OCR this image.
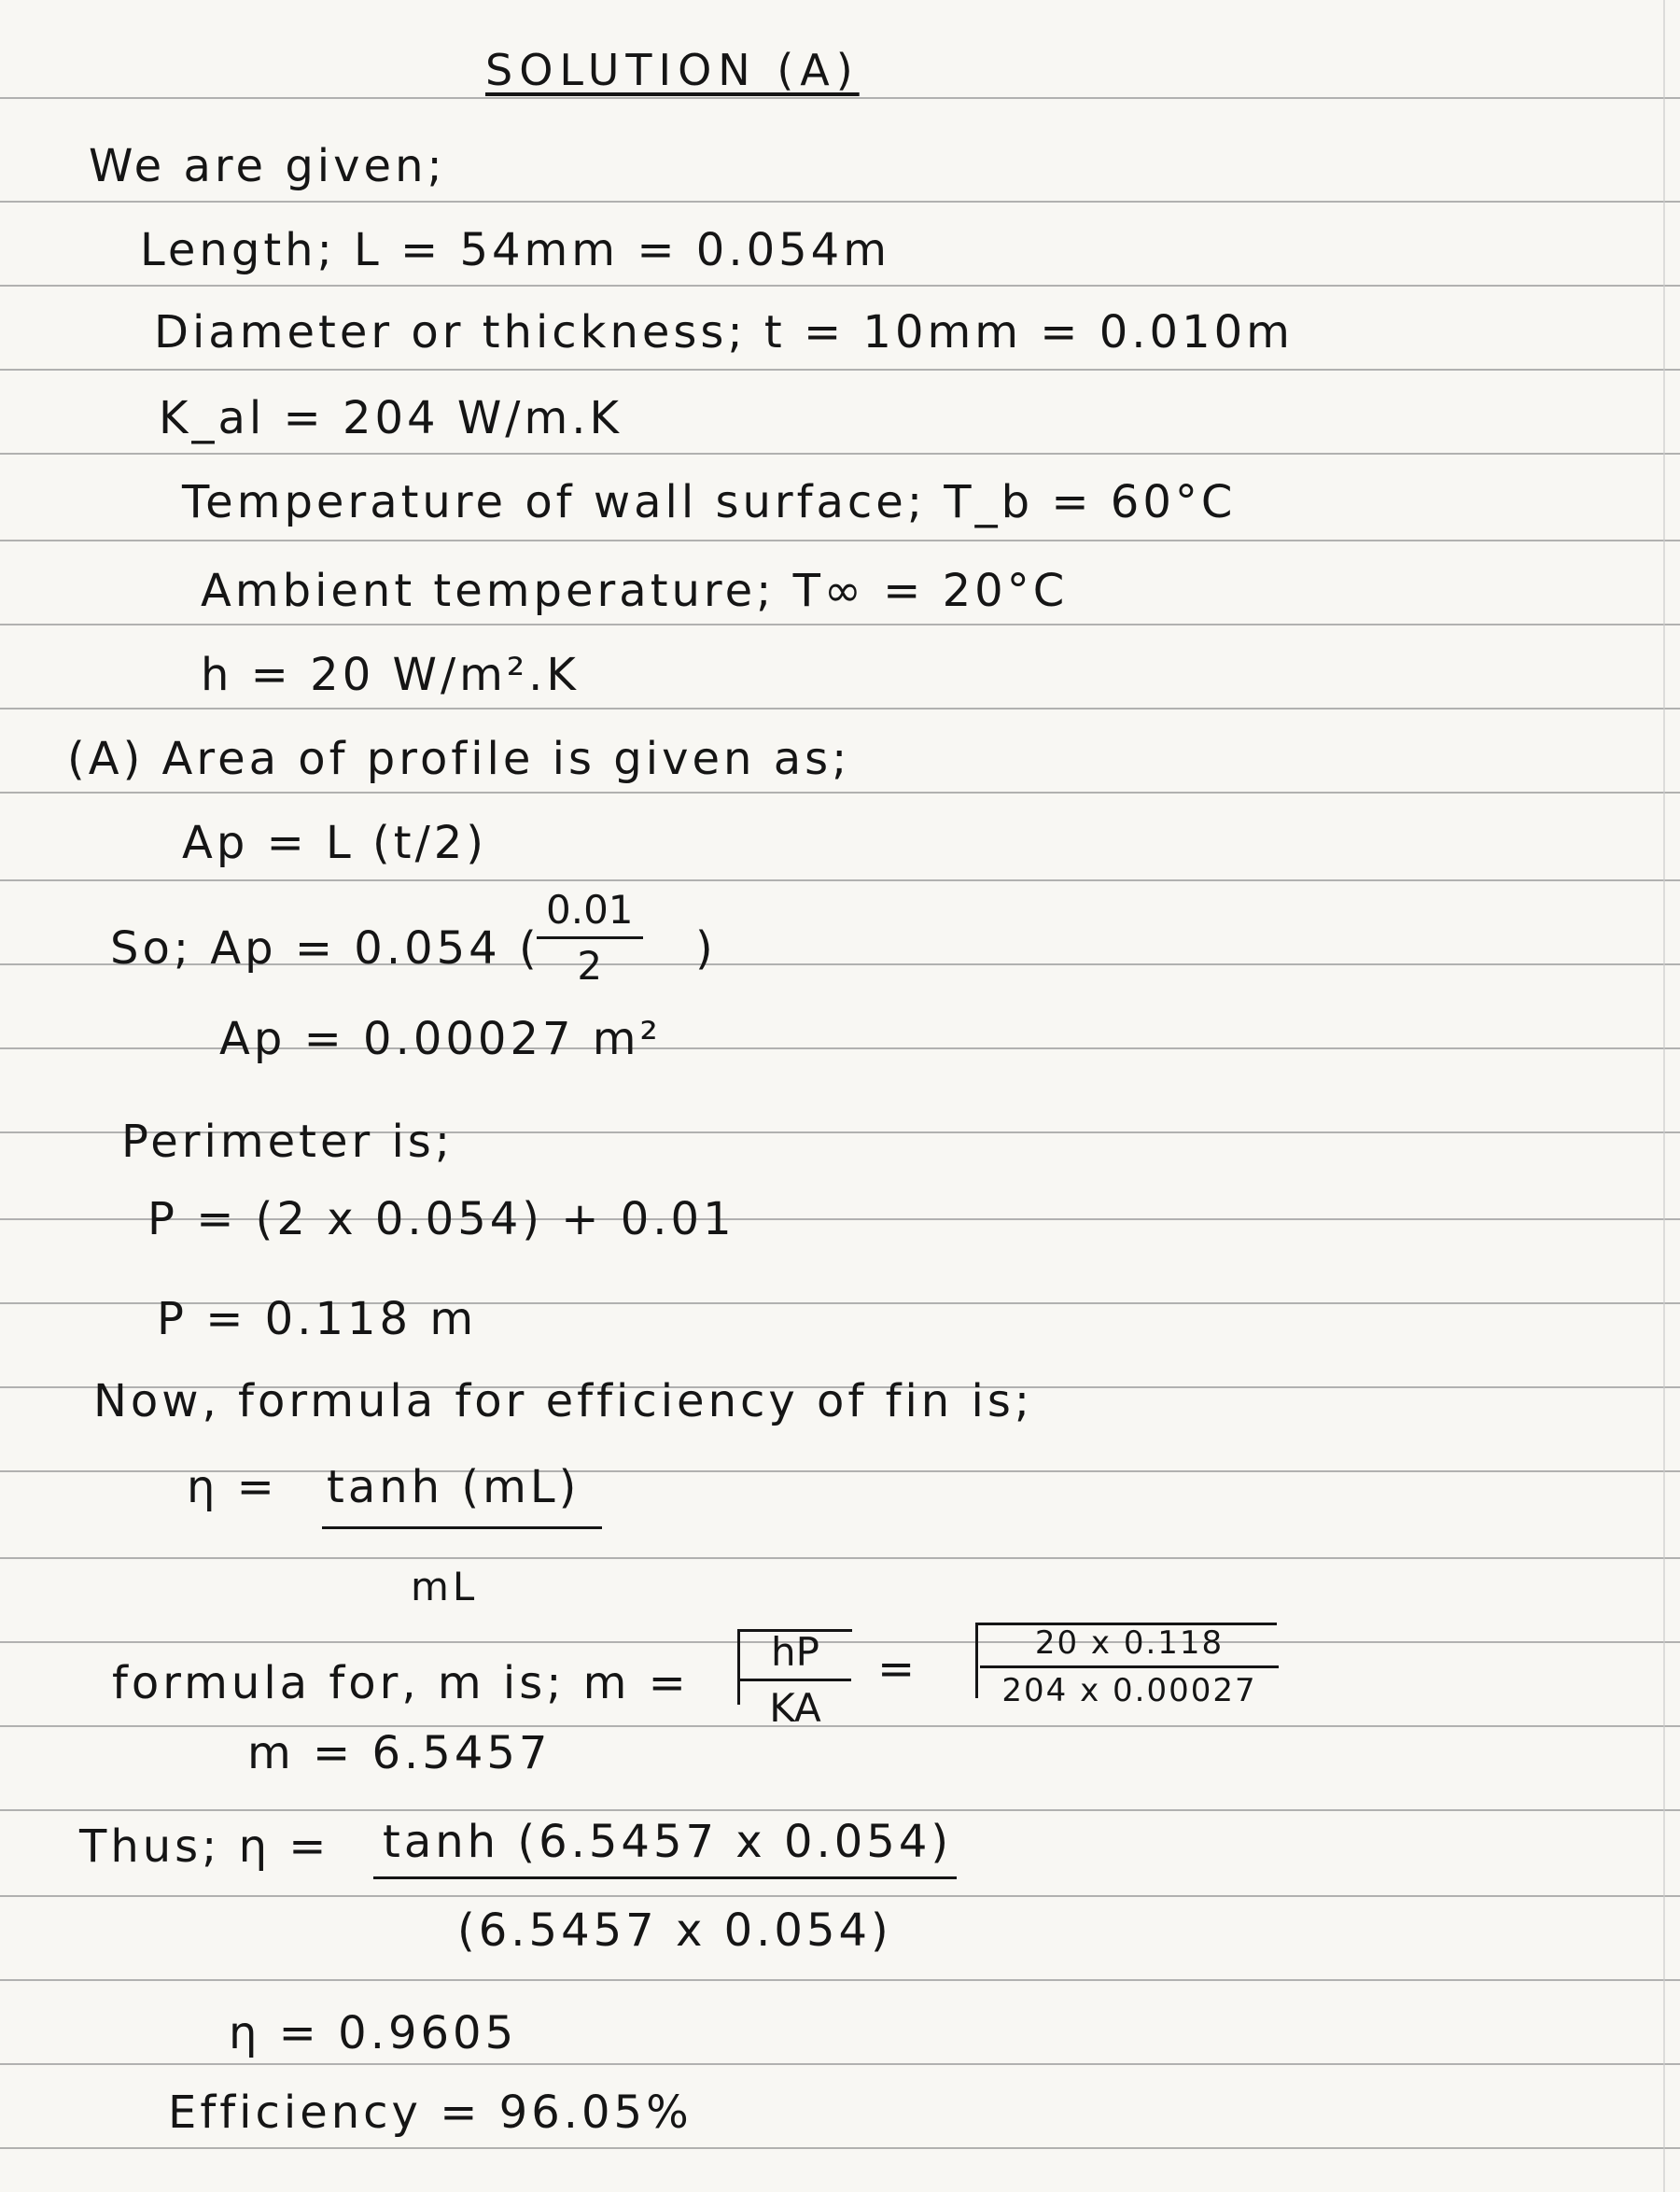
SOLUTION (A)
We are given;
Length; L = 54mm = 0.054m
Diameter or thickness; t = 10mm = 0.010m
K_al = 204 W/m.K
Temperature of wall surface; T_b = 60°C
Ambient temperature; T∞ = 20°C
h = 20 W/m².K
(A) Area of profile is given as;
Ap = L (t/2)
So; Ap = 0.054 (
$\frac{0.01}{2}$ )
Ap = 0.00027 m²
Perimeter is;
P = (2 x 0.054) + 0.01
P = 0.118 m
Now, formula for efficiency of fin is;
η = tanh (mL)
mL
formula for, m is; $m = \frac{hP}{KA} = \frac{20 x 0.118}{204 x 0.00027}$
m = 6.5457
Thus; η = tanh (6.5457 x 0.054)
(6.5457 x 0.054)
η = 0.9605
Efficiency = 96.05%
